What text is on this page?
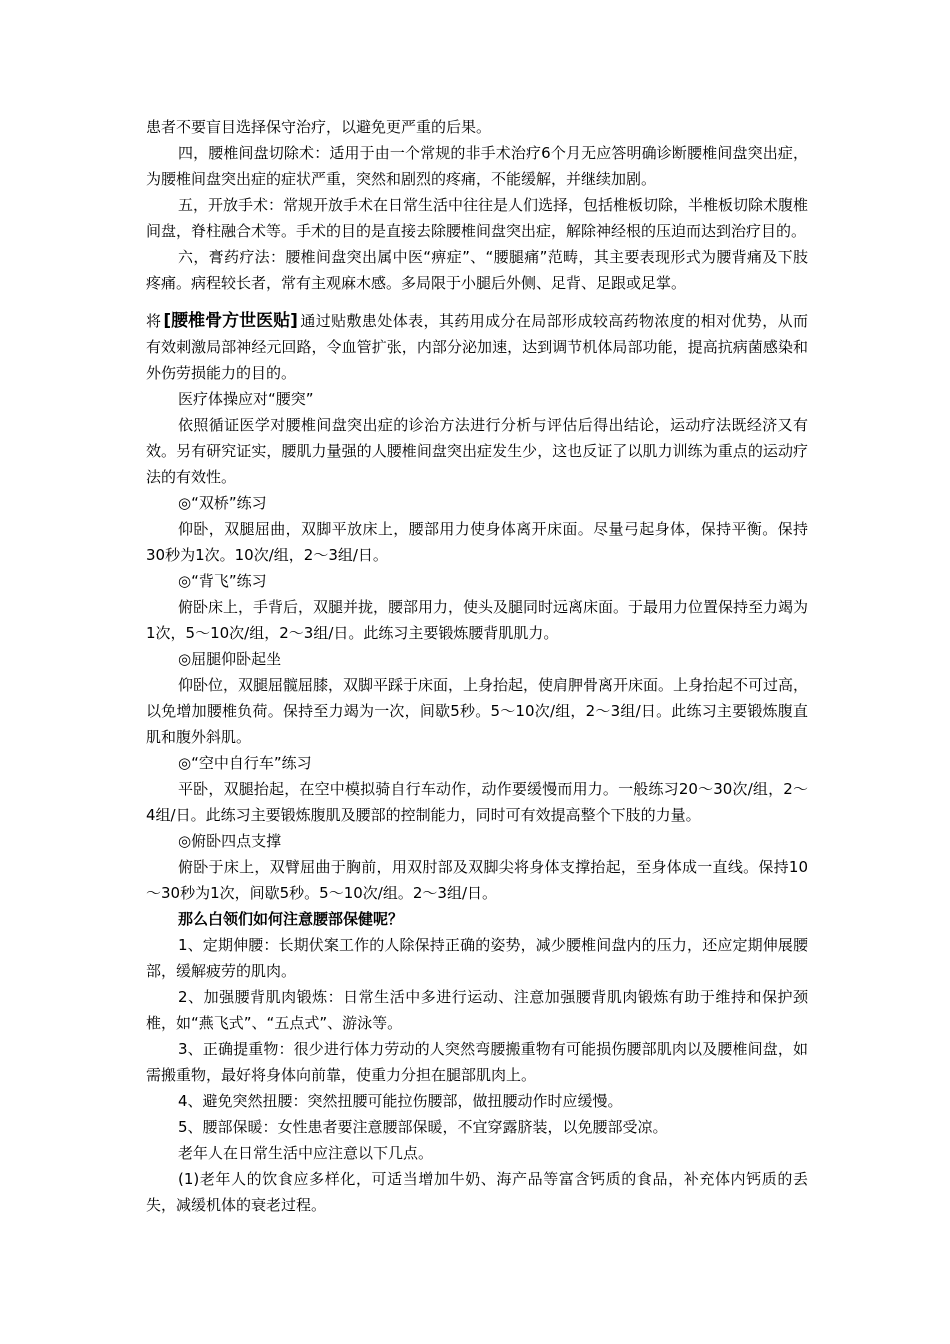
患者不要盲目选择保守治疗，以避免更严重的后果。

四，腰椎间盘切除术：适用于由一个常规的非手术治疗6个月无应答明确诊断腰椎间盘突出症，为腰椎间盘突出症的症状严重，突然和剧烈的疼痛，不能缓解，并继续加剧。

五，开放手术：常规开放手术在日常生活中往往是人们选择，包括椎板切除，半椎板切除术腹椎间盘，脊柱融合术等。手术的目的是直接去除腰椎间盘突出症，解除神经根的压迫而达到治疗目的。

六，膏药疗法：腰椎间盘突出属中医“痹症”、“腰腿痛”范畴，其主要表现形式为腰背痛及下肢疼痛。病程较长者，常有主观麻木感。多局限于小腿后外侧、足背、足跟或足掌。

将 [腰椎骨方世医贴] 通过贴敷患处体表，其药用成分在局部形成较高药物浓度的相对优势，从而有效刺激局部神经元回路，令血管扩张，内部分泌加速，达到调节机体局部功能，提高抗病菌感染和外伤劳损能力的目的。

医疗体操应对“腰突”

依照循证医学对腰椎间盘突出症的诊治方法进行分析与评估后得出结论，运动疗法既经济又有效。另有研究证实，腰肌力量强的人腰椎间盘突出症发生少，这也反证了以肌力训练为重点的运动疗法的有效性。

◎“双桥”练习

仰卧，双腿屈曲，双脚平放床上，腰部用力使身体离开床面。尽量弓起身体，保持平衡。保持30秒为1次。10次/组，2～3组/日。

◎“背飞”练习

俯卧床上，手背后，双腿并拢，腰部用力，使头及腿同时远离床面。于最用力位置保持至力竭为1次，5～10次/组，2～3组/日。此练习主要锻炼腰背肌肌力。

◎屈腿仰卧起坐

仰卧位，双腿屈髋屈膝，双脚平踩于床面，上身抬起，使肩胛骨离开床面。上身抬起不可过高，以免增加腰椎负荷。保持至力竭为一次，间歇5秒。5～10次/组，2～3组/日。此练习主要锻炼腹直肌和腹外斜肌。

◎“空中自行车”练习

平卧，双腿抬起，在空中模拟骑自行车动作，动作要缓慢而用力。一般练习20～30次/组，2～4组/日。此练习主要锻炼腹肌及腰部的控制能力，同时可有效提高整个下肢的力量。

◎俯卧四点支撑

俯卧于床上，双臂屈曲于胸前，用双肘部及双脚尖将身体支撑抬起，至身体成一直线。保持10～30秒为1次，间歇5秒。5～10次/组。2～3组/日。

那么白领们如何注意腰部保健呢？

1、定期伸腰：长期伏案工作的人除保持正确的姿势，减少腰椎间盘内的压力，还应定期伸展腰部，缓解疲劳的肌肉。

2、加强腰背肌肉锻炼：日常生活中多进行运动、注意加强腰背肌肉锻炼有助于维持和保护颈椎，如“燕飞式”、“五点式”、游泳等。

3、正确提重物：很少进行体力劳动的人突然弯腰搬重物有可能损伤腰部肌肉以及腰椎间盘，如需搬重物，最好将身体向前靠，使重力分担在腿部肌肉上。

4、避免突然扭腰：突然扭腰可能拉伤腰部，做扭腰动作时应缓慢。

5、腰部保暖：女性患者要注意腰部保暖，不宜穿露脐装，以免腰部受凉。

老年人在日常生活中应注意以下几点。

(1)老年人的饮食应多样化，可适当增加牛奶、海产品等富含钙质的食品，补充体内钙质的丢失，减缓机体的衰老过程。
